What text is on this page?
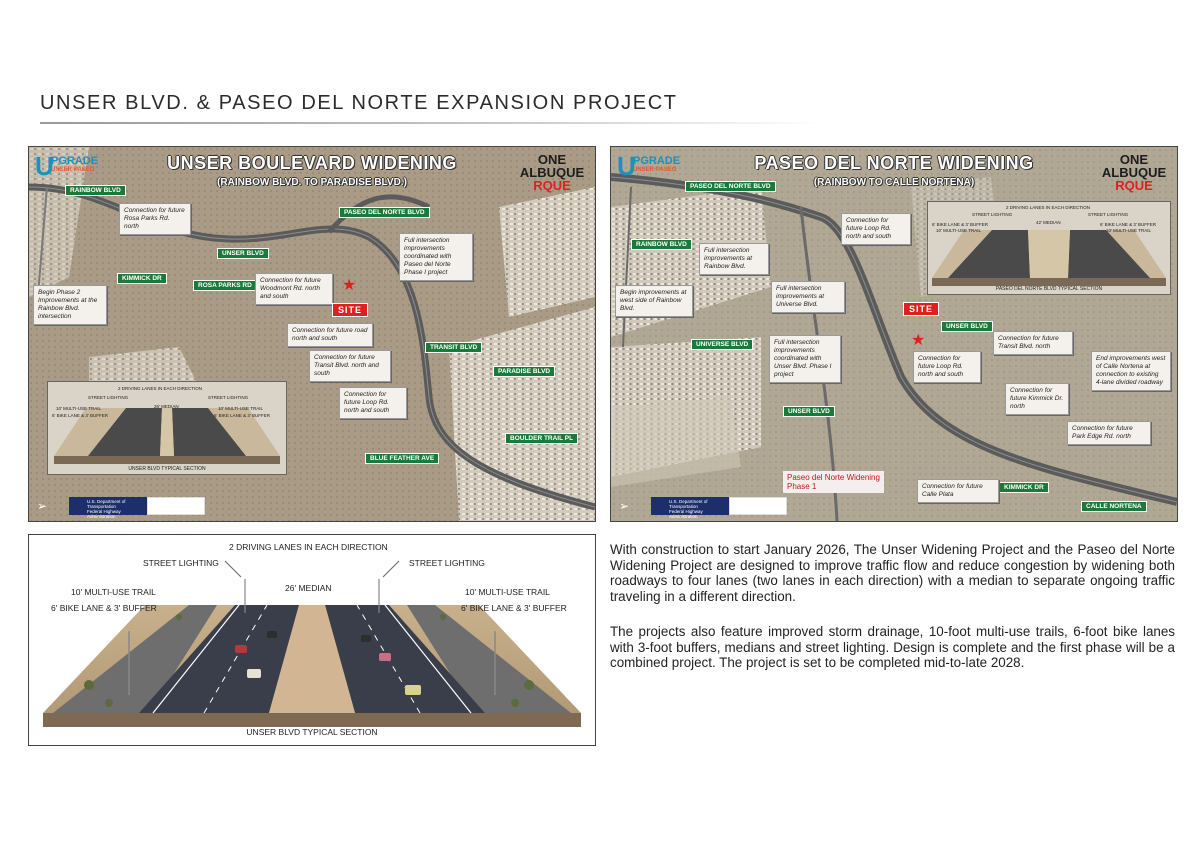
UNSER BLVD. & PASEO DEL NORTE EXPANSION PROJECT
U
PGRADE
UNSER·PASEO	UNSER BOULEVARD WIDENING
(RAINBOW BLVD. TO PARADISE BLVD.)
ONE
ALBUQUE
RQUE
RAINBOW BLVD
UNSER BLVD
PASEO DEL NORTE BLVD
KIMMICK DR
ROSA PARKS RD
TRANSIT BLVD
PARADISE BLVD
BOULDER TRAIL PL
BLUE FEATHER AVE
Connection for future Rosa Parks Rd. north
Full intersection improvements coordinated with Paseo del Norte Phase I project
Connection for future Woodmont Rd. north and south
Begin Phase 2 Improvements at the Rainbow Blvd. intersection
Connection for future road north and south
Connection for future Transit Blvd. north and south
Connection for future Loop Rd. north and south
★
SITE
2 DRIVING LANES IN EACH DIRECTION
STREET LIGHTING	STREET LIGHTING
26' MEDIAN
10' MULTI-USE TRAIL
6' BIKE LANE & 3' BUFFER
10' MULTI-USE TRAIL
6' BIKE LANE & 3' BUFFER
UNSER BLVD TYPICAL SECTION
➢	U.S. Department of Transportation
Federal Highway
Administration
U
PGRADE
UNSER·PASEO	PASEO DEL NORTE WIDENING
(RAINBOW TO CALLE NORTENA)
ONE
ALBUQUE
RQUE
PASEO DEL NORTE BLVD
RAINBOW BLVD
UNIVERSE BLVD
UNSER BLVD
UNSER BLVD
KIMMICK DR
CALLE NORTENA
Connection for future Loop Rd. north and south
Full intersection improvements at Rainbow Blvd.
Full intersection improvements at Universe Blvd.
Begin improvements at west side of Rainbow Blvd.
Full intersection improvements coordinated with Unser Blvd. Phase I project
Connection for future Loop Rd. north and south
Connection for future Transit Blvd. north
Connection for future Kimmick Dr. north
End improvements west of Calle Nortena at connection to existing 4-lane divided roadway
Connection for future Park Edge Rd. north
Connection for future Calle Plata
SITE
★
Paseo del Norte Widening
Phase 1
2 DRIVING LANES IN EACH DIRECTION
STREET LIGHTING	STREET LIGHTING
6' BIKE LANE & 3' BUFFER
10' MULTI-USE TRAIL
42' MEDIAN	6' BIKE LANE & 3' BUFFER
10' MULTI-USE TRAIL
PASEO DEL NORTE BLVD TYPICAL SECTION
➢	U.S. Department of Transportation
Federal Highway
Administration
2 DRIVING LANES IN EACH DIRECTION
STREET LIGHTING	STREET LIGHTING
26' MEDIAN
10' MULTI-USE TRAIL	10' MULTI-USE TRAIL
6' BIKE LANE & 3' BUFFER	6' BIKE LANE & 3' BUFFER
UNSER BLVD TYPICAL SECTION
With construction to start January 2026, The Unser Widening Project and the Paseo del Norte Widening Project are designed to improve traffic flow and reduce congestion by widening both roadways to four lanes (two lanes in each direction) with a median to separate ongoing traffic traveling in a different direction.
The projects also feature improved storm drainage, 10-foot multi-use trails, 6-foot bike lanes with 3-foot buffers, medians and street lighting. Design is complete and the first phase will be a combined project. The project is set to be completed mid-to-late 2028.
